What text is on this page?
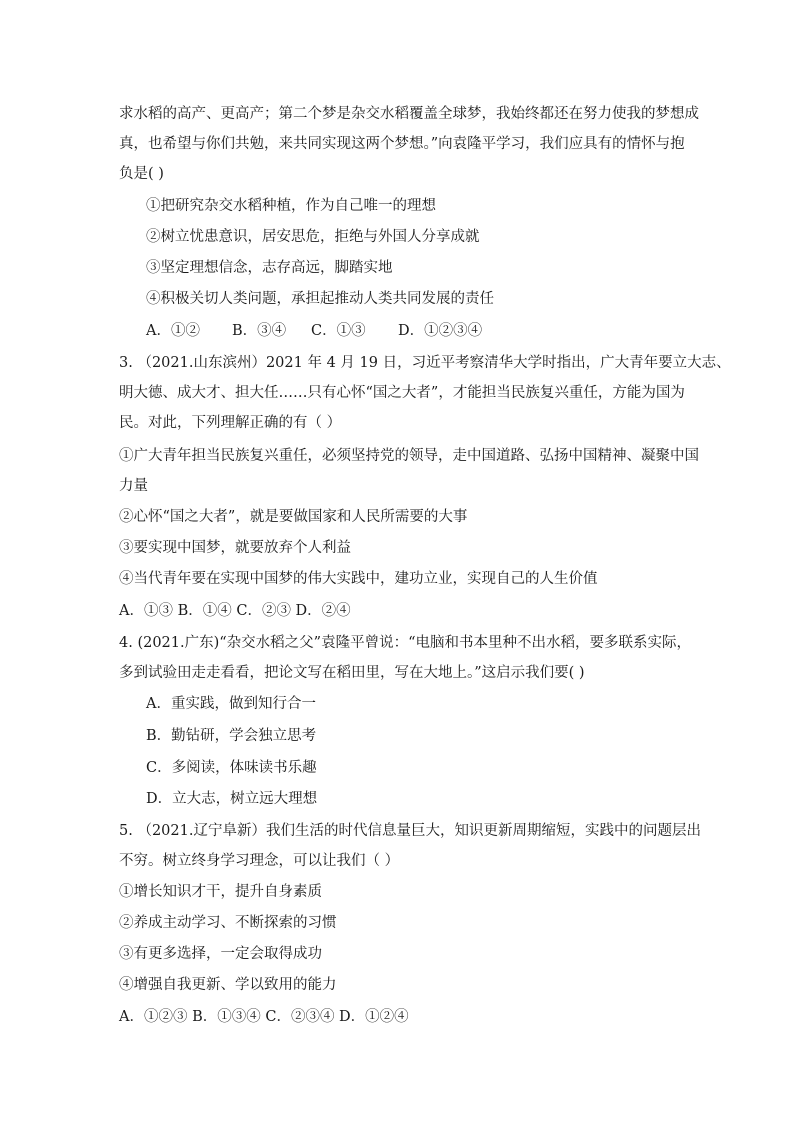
求水稻的高产、更高产；第二个梦是杂交水稻覆盖全球梦，我始终都还在努力使我的梦想成
真，也希望与你们共勉，来共同实现这两个梦想。”向袁隆平学习，我们应具有的情怀与抱
负是( )
①把研究杂交水稻种植，作为自己唯一的理想
②树立忧患意识，居安思危，拒绝与外国人分享成就
③坚定理想信念，志存高远，脚踏实地
④积极关切人类问题，承担起推动人类共同发展的责任
A．①② B．③④ C．①③ D．①②③④
3. （2021.山东滨州）2021 年 4 月 19 日，习近平考察清华大学时指出，广大青年要立大志、
明大德、成大才、担大任……只有心怀“国之大者”，才能担当民族复兴重任，方能为国为
民。对此，下列理解正确的有（ ）
①广大青年担当民族复兴重任，必须坚持党的领导，走中国道路、弘扬中国精神、凝聚中国
力量
②心怀“国之大者”，就是要做国家和人民所需要的大事
③要实现中国梦，就要放弃个人利益
④当代青年要在实现中国梦的伟大实践中，建功立业，实现自己的人生价值
A．①③ B．①④ C．②③ D．②④
4. (2021.广东)“杂交水稻之父”袁隆平曾说：“电脑和书本里种不出水稻，要多联系实际，
多到试验田走走看看，把论文写在稻田里，写在大地上。”这启示我们要( )
A．重实践，做到知行合一
B．勤钻研，学会独立思考
C．多阅读，体味读书乐趣
D．立大志，树立远大理想
5. （2021.辽宁阜新）我们生活的时代信息量巨大，知识更新周期缩短，实践中的问题层出
不穷。树立终身学习理念，可以让我们（ ）
①增长知识才干，提升自身素质
②养成主动学习、不断探索的习惯
③有更多选择，一定会取得成功
④增强自我更新、学以致用的能力
A．①②③ B．①③④ C．②③④ D．①②④
